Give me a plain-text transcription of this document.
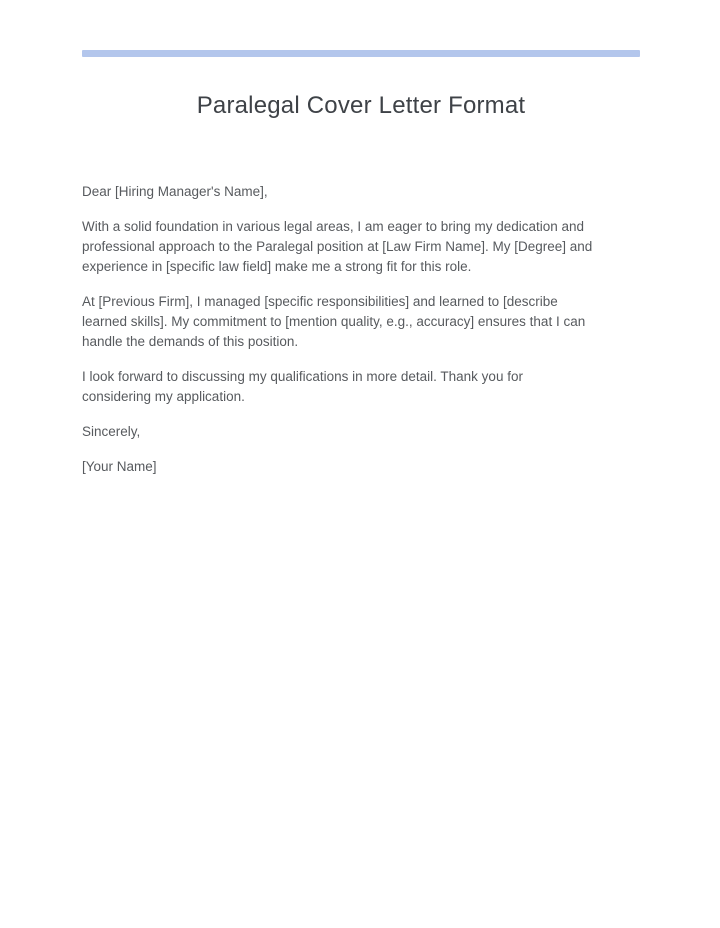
Paralegal Cover Letter Format

Dear [Hiring Manager's Name],

With a solid foundation in various legal areas, I am eager to bring my dedication and professional approach to the Paralegal position at [Law Firm Name]. My [Degree] and experience in [specific law field] make me a strong fit for this role.

At [Previous Firm], I managed [specific responsibilities] and learned to [describe learned skills]. My commitment to [mention quality, e.g., accuracy] ensures that I can handle the demands of this position.

I look forward to discussing my qualifications in more detail. Thank you for considering my application.

Sincerely,

[Your Name]
